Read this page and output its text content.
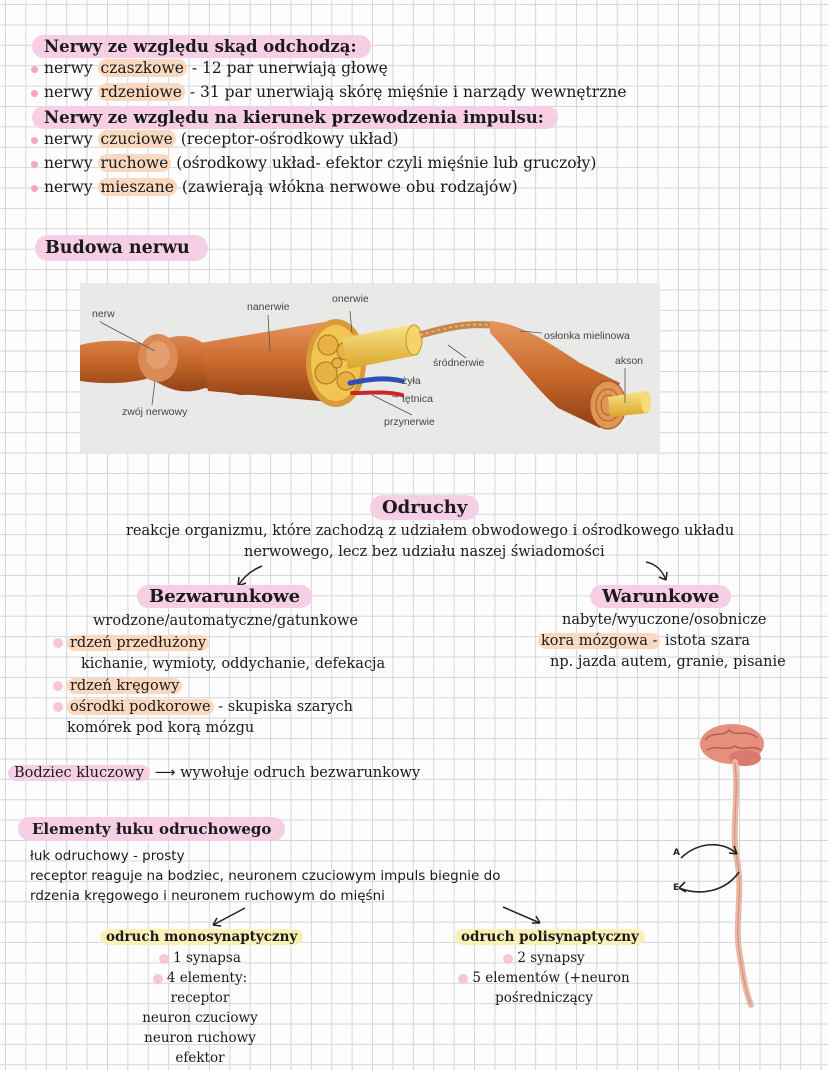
Nerwy ze względu skąd odchodzą:
nerwy czaszkowe - 12 par unerwiają głowę
nerwy rdzeniowe - 31 par unerwiają skórę mięśnie i narządy wewnętrzne
Nerwy ze względu na kierunek przewodzenia impulsu:
nerwy czuciowe (receptor-ośrodkowy układ)
nerwy ruchowe (ośrodkowy układ- efektor czyli mięśnie lub gruczoły)
nerwy mieszane (zawierają włókna nerwowe obu rodzajów)
Budowa nerwu
nerw
nanerwie
onerwie
osłonka mielinowa
śródnerwie	akson
żyła
tętnica
przynerwie
zwój nerwowy
Odruchy
reakcje organizmu, które zachodzą z udziałem obwodowego i ośrodkowego układu
nerwowego, lecz bez udziału naszej świadomości
Bezwarunkowe
wrodzone/automatyczne/gatunkowe
rdzeń przedłużony
kichanie, wymioty, oddychanie, defekacja
rdzeń kręgowy
ośrodki podkorowe - skupiska szarych
komórek pod korą mózgu
Warunkowe
nabyte/wyuczone/osobnicze
kora mózgowa - istota szara
np. jazda autem, granie, pisanie
Bodziec kluczowy ⟶ wywołuje odruch bezwarunkowy
Elementy łuku odruchowego
łuk odruchowy - prosty
receptor reaguje na bodziec, neuronem czuciowym impuls biegnie do
rdzenia kręgowego i neuronem ruchowym do mięśni
odruch monosynaptyczny
1 synapsa
4 elementy:
receptor
neuron czuciowy
neuron ruchowy
efektor
odruch polisynaptyczny
2 synapsy
5 elementów (+neuron
pośredniczący
A
E
